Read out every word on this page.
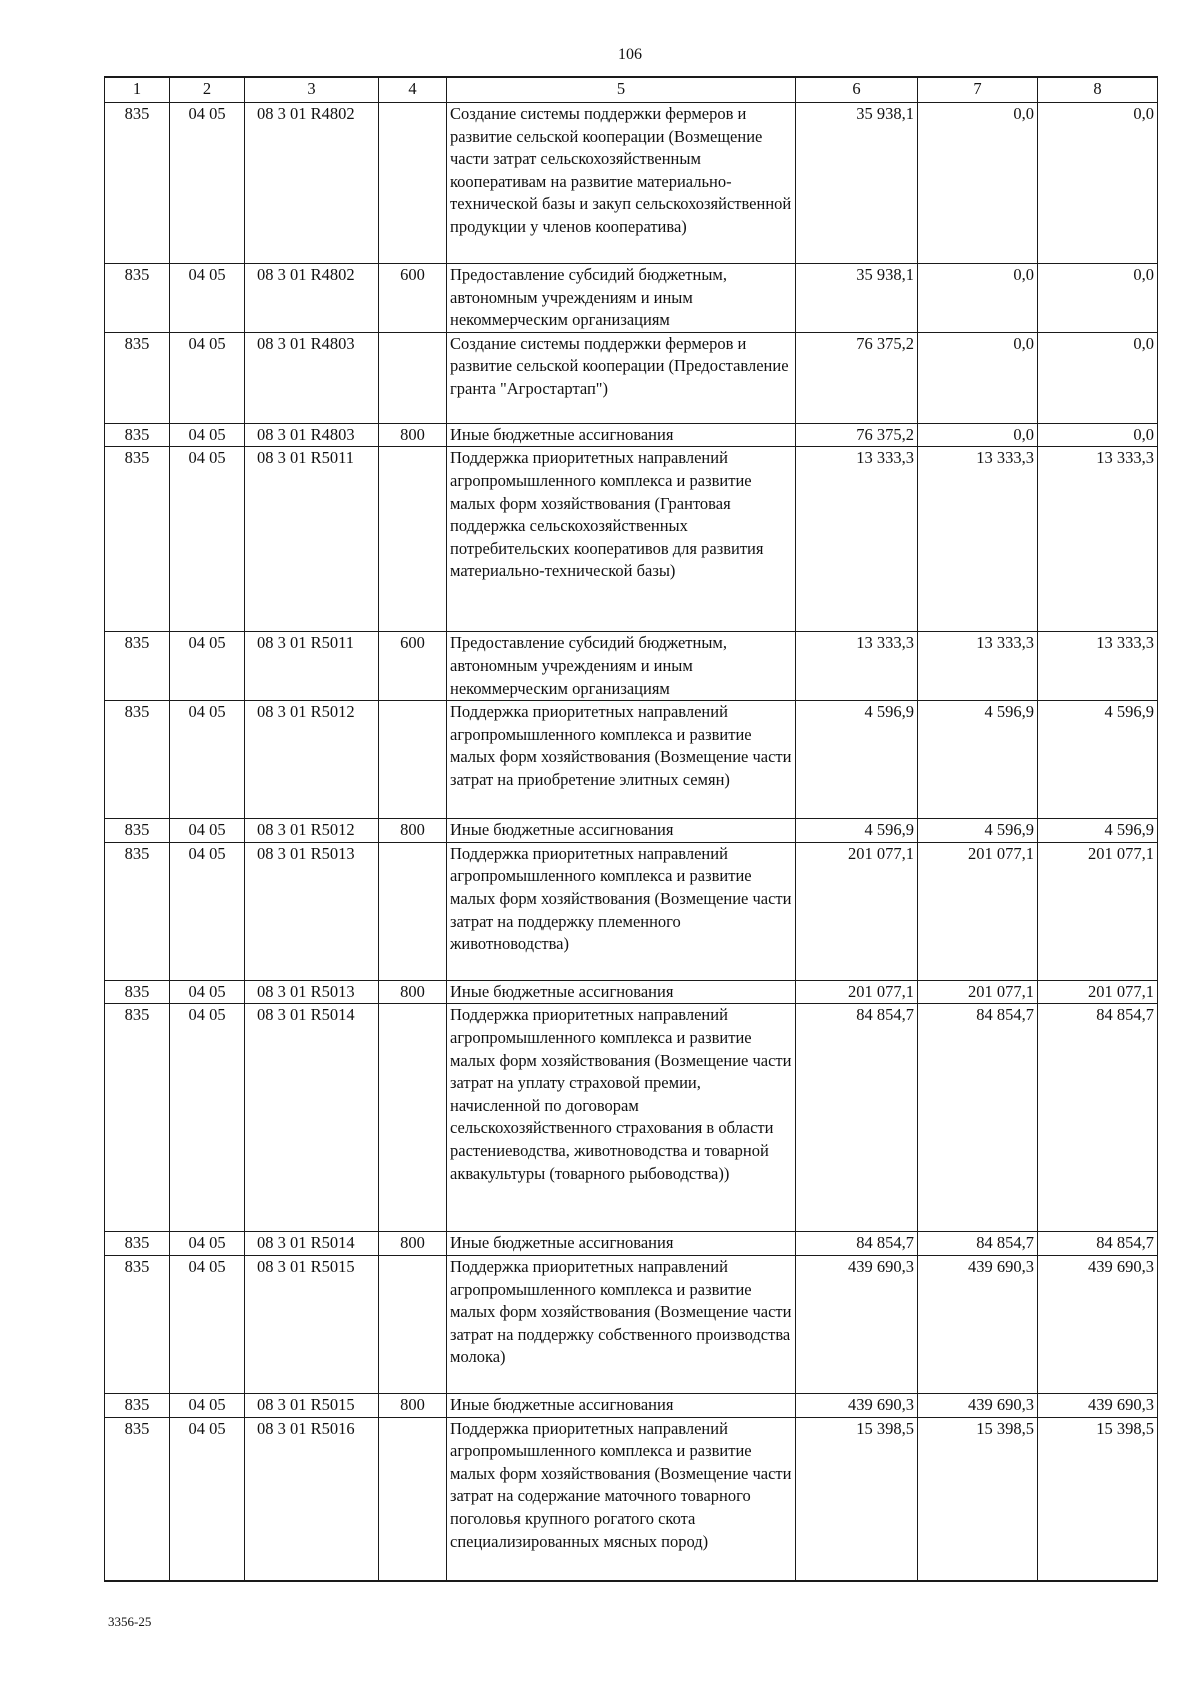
106
1	2	3	4	5	6	7	8
835	04 05	08 3 01 R4802		Создание системы поддержки фермеров и развитие сельской кооперации (Возмещение части затрат сельскохозяйственным кооперативам на развитие материально-технической базы и закуп сельскохозяйственной продукции у членов кооператива)	35 938,1	0,0	0,0
835	04 05	08 3 01 R4802	600	Предоставление субсидий бюджетным, автономным учреждениям и иным некоммерческим организациям	35 938,1	0,0	0,0
835	04 05	08 3 01 R4803		Создание системы поддержки фермеров и развитие сельской кооперации (Предоставление гранта "Агростартап")	76 375,2	0,0	0,0
835	04 05	08 3 01 R4803	800	Иные бюджетные ассигнования	76 375,2	0,0	0,0
835	04 05	08 3 01 R5011		Поддержка приоритетных направлений агропромышленного комплекса и развитие малых форм хозяйствования (Грантовая поддержка сельскохозяйственных потребительских кооперативов для развития материально-технической базы)	13 333,3	13 333,3	13 333,3
835	04 05	08 3 01 R5011	600	Предоставление субсидий бюджетным, автономным учреждениям и иным некоммерческим организациям	13 333,3	13 333,3	13 333,3
835	04 05	08 3 01 R5012		Поддержка приоритетных направлений агропромышленного комплекса и развитие малых форм хозяйствования (Возмещение части затрат на приобретение элитных семян)	4 596,9	4 596,9	4 596,9
835	04 05	08 3 01 R5012	800	Иные бюджетные ассигнования	4 596,9	4 596,9	4 596,9
835	04 05	08 3 01 R5013		Поддержка приоритетных направлений агропромышленного комплекса и развитие малых форм хозяйствования (Возмещение части затрат на поддержку племенного животноводства)	201 077,1	201 077,1	201 077,1
835	04 05	08 3 01 R5013	800	Иные бюджетные ассигнования	201 077,1	201 077,1	201 077,1
835	04 05	08 3 01 R5014		Поддержка приоритетных направлений агропромышленного комплекса и развитие малых форм хозяйствования (Возмещение части затрат на уплату страховой премии, начисленной по договорам сельскохозяйственного страхования в области растениеводства, животноводства и товарной аквакультуры (товарного рыбоводства))	84 854,7	84 854,7	84 854,7
835	04 05	08 3 01 R5014	800	Иные бюджетные ассигнования	84 854,7	84 854,7	84 854,7
835	04 05	08 3 01 R5015		Поддержка приоритетных направлений агропромышленного комплекса и развитие малых форм хозяйствования (Возмещение части затрат на поддержку собственного производства молока)	439 690,3	439 690,3	439 690,3
835	04 05	08 3 01 R5015	800	Иные бюджетные ассигнования	439 690,3	439 690,3	439 690,3
835	04 05	08 3 01 R5016		Поддержка приоритетных направлений агропромышленного комплекса и развитие малых форм хозяйствования (Возмещение части затрат на содержание маточного товарного поголовья крупного рогатого скота специализированных мясных пород)	15 398,5	15 398,5	15 398,5
3356-25
